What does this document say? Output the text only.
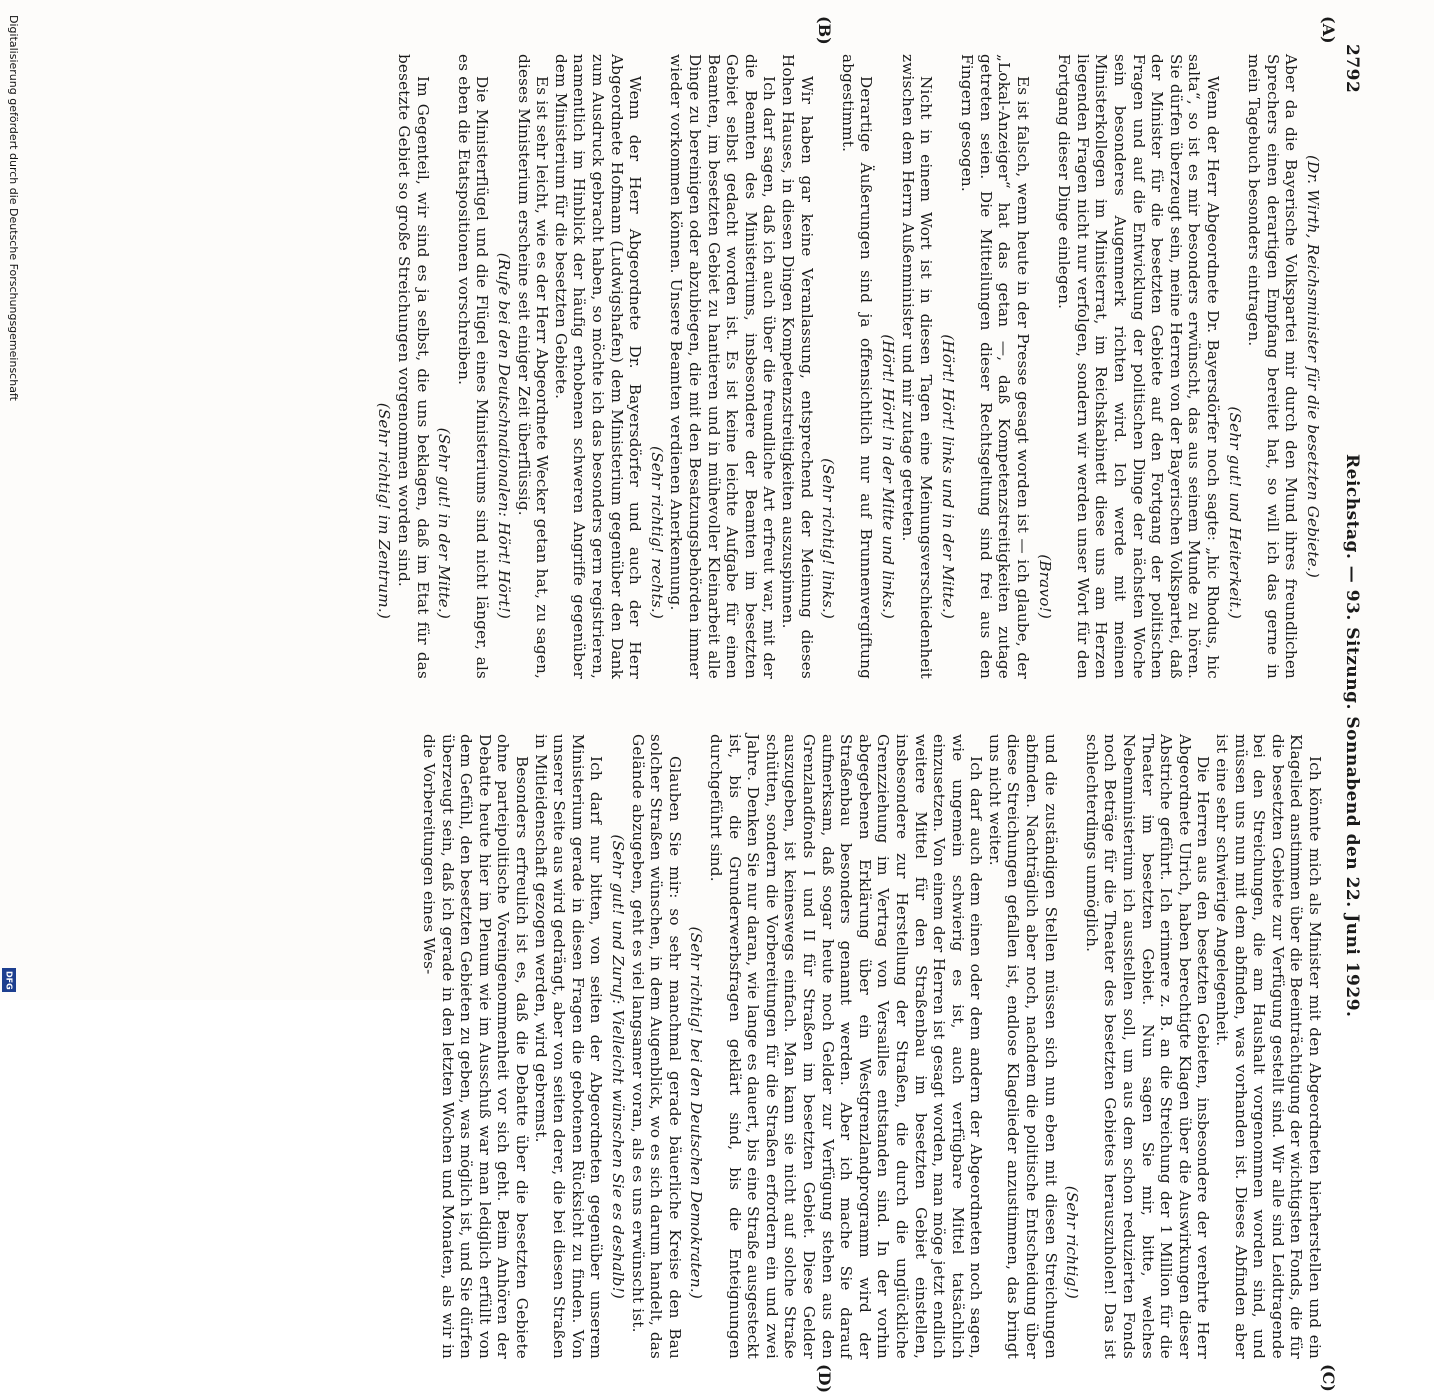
Digitalisierung gefördert durch die Deutsche Forschungsgemeinschaft
DFG
2792
Reichstag. — 93. Sitzung. Sonnabend den 22. Juni 1929.
(A)
(B)
(C)
(D)

(Dr. Wirth, Reichsminister für die besetzten Gebiete.)

Aber da die Bayerische Volkspartei mir durch den Mund ihres freundlichen Sprechers einen derartigen Empfang bereitet hat, so will ich das gerne in mein Tagebuch besonders eintragen.

(Sehr gut! und Heiterkeit.)

Wenn der Herr Abgeordnete Dr. Bayersdörfer noch sagte: „hic Rhodus, hic salta“, so ist es mir besonders erwünscht, das aus seinem Munde zu hören. Sie dürfen überzeugt sein, meine Herren von der Bayerischen Volkspartei, daß der Minister für die besetzten Gebiete auf den Fortgang der politischen Fragen und auf die Entwicklung der politischen Dinge der nächsten Woche sein besonderes Augenmerk richten wird. Ich werde mit meinen Ministerkollegen im Ministerrat, im Reichskabinett diese uns am Herzen liegenden Fragen nicht nur verfolgen, sondern wir werden unser Wort für den Fortgang dieser Dinge einlegen.

(Bravo!)

Es ist falsch, wenn heute in der Presse gesagt worden ist — ich glaube, der „Lokal-Anzeiger“ hat das getan —, daß Kompetenzstreitigkeiten zutage getreten seien. Die Mitteilungen dieser Rechtsgeltung sind frei aus den Fingern gesogen.

(Hört! Hört! links und in der Mitte.)

Nicht in einem Wort ist in diesen Tagen eine Meinungsverschiedenheit zwischen dem Herrn Außenminister und mir zutage getreten.

(Hört! Hört! in der Mitte und links.)

Derartige Äußerungen sind ja offensichtlich nur auf Brunnenvergiftung abgestimmt.

(Sehr richtig! links.)

Wir haben gar keine Veranlassung, entsprechend der Meinung dieses Hohen Hauses, in diesen Dingen Kompetenzstreitigkeiten auszuspinnen.

Ich darf sagen, daß ich auch über die freundliche Art erfreut war, mit der die Beamten des Ministeriums, insbesondere der Beamten im besetzten Gebiet selbst gedacht worden ist. Es ist keine leichte Aufgabe für einen Beamten, im besetzten Gebiet zu hantieren und in mühevoller Kleinarbeit alle Dinge zu bereinigen oder abzubiegen, die mit den Besatzungsbehörden immer wieder vorkommen können. Unsere Beamten verdienen Anerkennung.

(Sehr richtig! rechts.)

Wenn der Herr Abgeordnete Dr. Bayersdörfer und auch der Herr Abgeordnete Hofmann (Ludwigshafen) dem Ministerium gegenüber den Dank zum Ausdruck gebracht haben, so möchte ich das besonders gern registrieren, namentlich im Hinblick der häufig erhobenen schweren Angriffe gegenüber dem Ministerium für die besetzten Gebiete.

Es ist sehr leicht, wie es der Herr Abgeordnete Wecker getan hat, zu sagen, dieses Ministerium erscheine seit einiger Zeit überflüssig.

(Rufe bei den Deutschnationalen: Hört! Hört!)

Die Ministerflügel und die Flügel eines Ministeriums sind nicht länger, als es eben die Etatspositionen vorschreiben.

(Sehr gut! in der Mitte.)

Im Gegenteil, wir sind es ja selbst, die uns beklagen, daß im Etat für das besetzte Gebiet so große Streichungen vorgenommen worden sind.

(Sehr richtig! im Zentrum.)

Ich könnte mich als Minister mit den Abgeordneten hierherstellen und ein Klagelied anstimmen über die Beeinträchtigung der wichtigsten Fonds, die für die besetzten Gebiete zur Verfügung gestellt sind. Wir alle sind Leidtragende bei den Streichungen, die am Haushalt vorgenommen worden sind, und müssen uns nun mit dem abfinden, was vorhanden ist. Dieses Abfinden aber ist eine sehr schwierige Angelegenheit.

Die Herren aus den besetzten Gebieten, insbesondere der verehrte Herr Abgeordnete Ulrich, haben berechtigte Klagen über die Auswirkungen dieser Abstriche geführt. Ich erinnere z. B. an die Streichung der 1 Million für die Theater im besetzten Gebiet. Nun sagen Sie mir, bitte, welches Nebenministerium ich ausstellen soll, um aus dem schon reduzierten Fonds noch Beträge für die Theater des besetzten Gebietes herauszuholen! Das ist schlechterdings unmöglich.

(Sehr richtig!)

und die zuständigen Stellen müssen sich nun eben mit diesen Streichungen abfinden. Nachträglich aber noch, nachdem die politische Entscheidung über diese Streichungen gefallen ist, endlose Klagelieder anzustimmen, das bringt uns nicht weiter.

Ich darf auch dem einen oder dem andern der Abgeordneten noch sagen, wie ungemein schwierig es ist, auch verfügbare Mittel tatsächlich einzusetzen. Von einem der Herren ist gesagt worden, man möge jetzt endlich weitere Mittel für den Straßenbau im besetzten Gebiet einstellen, insbesondere zur Herstellung der Straßen, die durch die unglückliche Grenzziehung im Vertrag von Versailles entstanden sind. In der vorhin abgegebenen Erklärung über ein Westgrenzlandprogramm wird der Straßenbau besonders genannt werden. Aber ich mache Sie darauf aufmerksam, daß sogar heute noch Gelder zur Verfügung stehen aus den Grenzlandfonds I und II für Straßen im besetzten Gebiet. Diese Gelder auszugeben, ist keineswegs einfach. Man kann sie nicht auf solche Straße schütten, sondern die Vorbereitungen für die Straßen erfordern ein und zwei Jahre. Denken Sie nur daran, wie lange es dauert, bis eine Straße ausgesteckt ist, bis die Grunderwerbsfragen geklärt sind, bis die Enteignungen durchgeführt sind.

(Sehr richtig! bei den Deutschen Demokraten.)

Glauben Sie mir: so sehr manchmal gerade bäuerliche Kreise den Bau solcher Straßen wünschen, in dem Augenblick, wo es sich darum handelt, das Gelände abzugeben, geht es viel langsamer voran, als es uns erwünscht ist.

(Sehr gut! und Zuruf: Vielleicht wünschen Sie es deshalb!)

Ich darf nur bitten, von seiten der Abgeordneten gegenüber unserem Ministerium gerade in diesen Fragen die gebotenen Rücksicht zu finden. Von unserer Seite aus wird gedrängt, aber von seiten derer, die bei diesen Straßen in Mitleidenschaft gezogen werden, wird gebremst.

Besonders erfreulich ist es, daß die Debatte über die besetzten Gebiete ohne parteipolitische Voreingenommenheit vor sich geht. Beim Anhören der Debatte heute hier im Plenum wie im Ausschuß war man lediglich erfüllt von dem Gefühl, den besetzten Gebieten zu geben, was möglich ist, und Sie dürfen überzeugt sein, daß ich gerade in den letzten Wochen und Monaten, als wir in die Vorbereitungen eines Wes-
